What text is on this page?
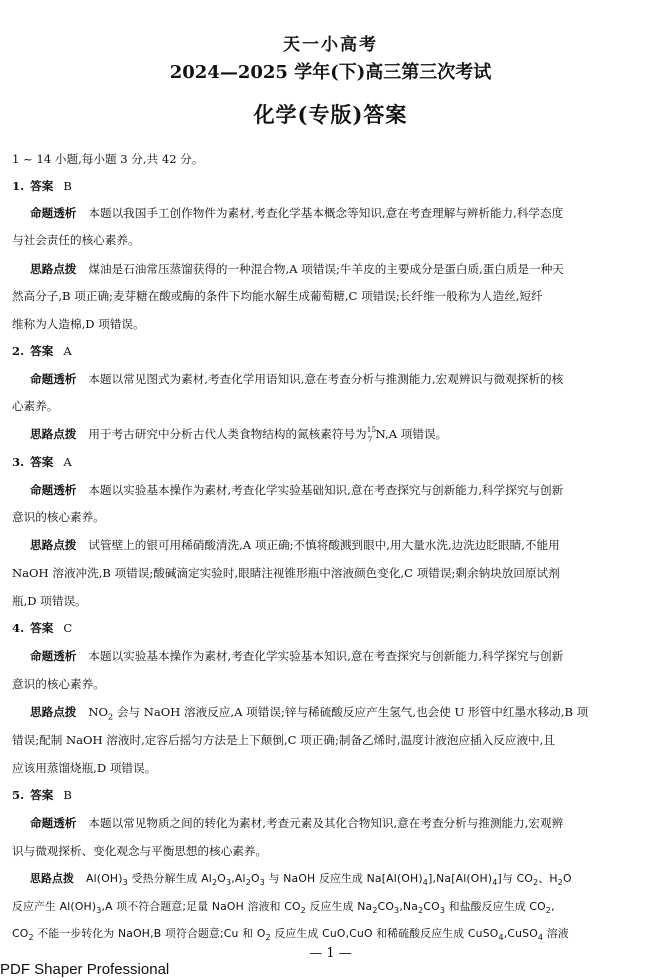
天一小高考
2024—2025 学年(下)高三第三次考试
化学(专版)答案
1 ~ 14 小题,每小题 3 分,共 42 分。
1. 答案 B
命题透析 本题以我国手工创作物件为素材,考查化学基本概念等知识,意在考查理解与辨析能力,科学态度
与社会责任的核心素养。
思路点拨 煤油是石油常压蒸馏获得的一种混合物,A 项错误;牛羊皮的主要成分是蛋白质,蛋白质是一种天
然高分子,B 项正确;麦芽糖在酸或酶的条件下均能水解生成葡萄糖,C 项错误;长纤维一般称为人造丝,短纤
维称为人造棉,D 项错误。
2. 答案 A
命题透析 本题以常见图式为素材,考查化学用语知识,意在考查分析与推测能力,宏观辨识与微观探析的核
心素养。
思路点拨 用于考古研究中分析古代人类食物结构的氮核素符号为 15
7 N,A 项错误。
3. 答案 A
命题透析 本题以实验基本操作为素材,考查化学实验基础知识,意在考查探究与创新能力,科学探究与创新
意识的核心素养。
思路点拨 试管壁上的银可用稀硝酸清洗,A 项正确;不慎将酸溅到眼中,用大量水洗,边洗边眨眼睛,不能用
NaOH 溶液冲洗,B 项错误;酸碱滴定实验时,眼睛注视锥形瓶中溶液颜色变化,C 项错误;剩余钠块放回原试剂
瓶,D 项错误。
4. 答案 C
命题透析 本题以实验基本操作为素材,考查化学实验基本知识,意在考查探究与创新能力,科学探究与创新
意识的核心素养。
思路点拨 $NO_2$ 会与 NaOH 溶液反应,A 项错误;锌与稀硫酸反应产生氢气,也会使 U 形管中红墨水移动,B 项
错误;配制 NaOH 溶液时,定容后摇匀方法是上下颠倒,C 项正确;制备乙烯时,温度计液泡应插入反应液中,且
应该用蒸馏烧瓶,D 项错误。
5. 答案 B
命题透析 本题以常见物质之间的转化为素材,考查元素及其化合物知识,意在考查分析与推测能力,宏观辨
识与微观探析、变化观念与平衡思想的核心素养。
思路点拨 $Al(OH)_3$ 受热分解生成 $Al_2O_3,Al_2O_3$ 与 NaOH 反应生成 $Na[Al(OH)_4],Na[Al(OH)_4]$与 $CO_2$、$H_2O$
反应产生 $Al(OH)_3,A$ 项不符合题意;足量 NaOH 溶液和 $CO_2$ 反应生成 $Na_2CO_3,Na_2CO_3$ 和盐酸反应生成 $CO_2$,
$CO_2$ 不能一步转化为 NaOH,B 项符合题意;Cu 和 $O_2$ 反应生成 CuO,CuO 和稀硫酸反应生成 CuSO$_4$,CuSO$_4$ 溶液
— 1 —
PDF Shaper Professional
